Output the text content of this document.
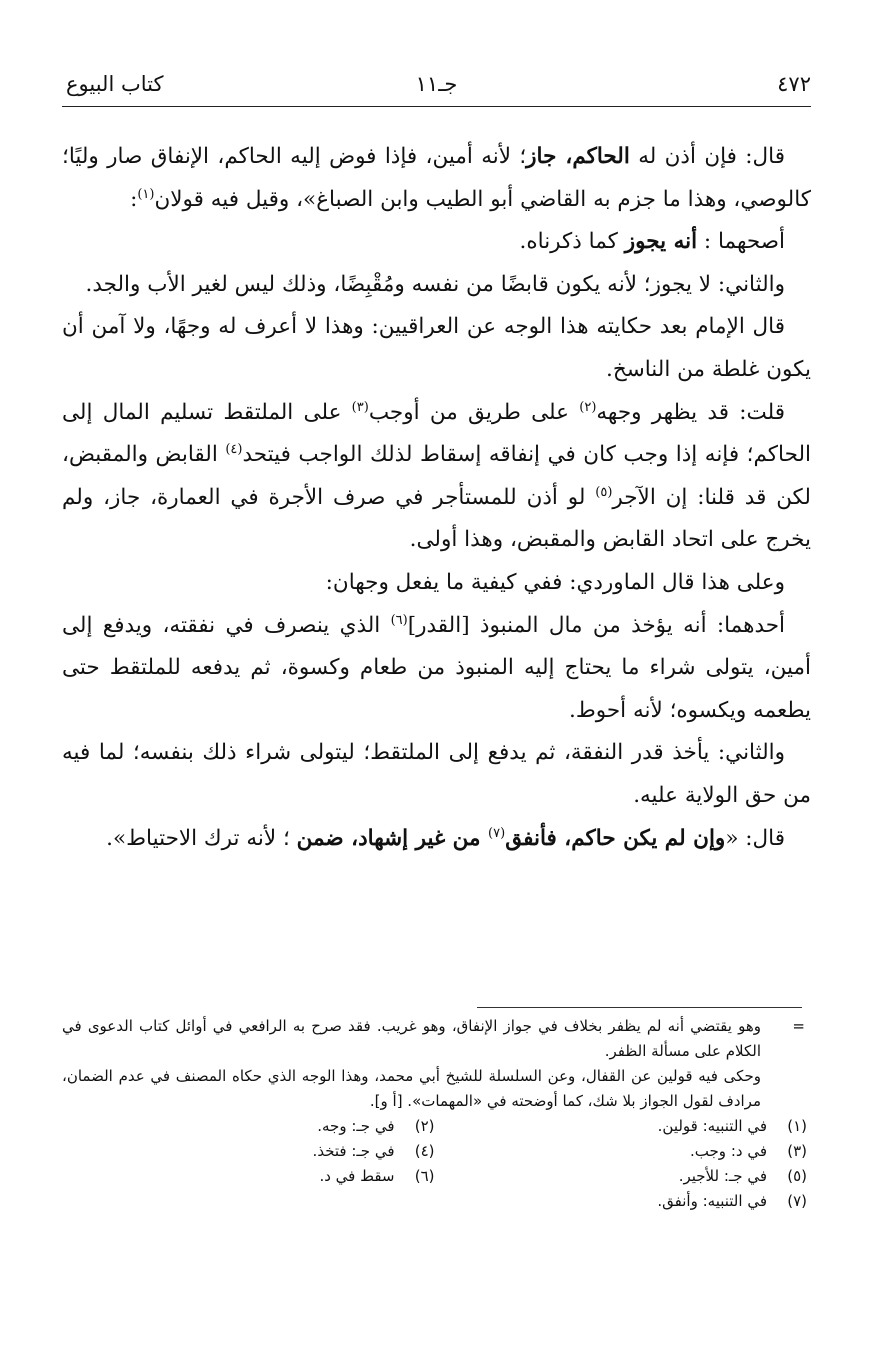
٤٧٢
جـ١١
كتاب البيوع

قال: فإن أذن له الحاكم، جاز؛ لأنه أمين، فإذا فوض إليه الحاكم، الإنفاق صار وليًا؛ كالوصي، وهذا ما جزم به القاضي أبو الطيب وابن الصباغ»، وقيل فيه قولان$^{(١)}$:

أصحهما : أنه يجوز كما ذكرناه.

والثاني: لا يجوز؛ لأنه يكون قابضًا من نفسه ومُقْبِضًا، وذلك ليس لغير الأب والجد.

قال الإمام بعد حكايته هذا الوجه عن العراقيين: وهذا لا أعرف له وجهًا، ولا آمن أن يكون غلطة من الناسخ.

قلت: قد يظهر وجهه$^{(٢)}$ على طريق من أوجب$^{(٣)}$ على الملتقط تسليم المال إلى الحاكم؛ فإنه إذا وجب كان في إنفاقه إسقاط لذلك الواجب فيتحد$^{(٤)}$ القابض والمقبض، لكن قد قلنا: إن الآجر$^{(٥)}$ لو أذن للمستأجر في صرف الأجرة في العمارة، جاز، ولم يخرج على اتحاد القابض والمقبض، وهذا أولى.

وعلى هذا قال الماوردي: ففي كيفية ما يفعل وجهان:

أحدهما: أنه يؤخذ من مال المنبوذ [القدر]$^{(٦)}$ الذي ينصرف في نفقته، ويدفع إلى أمين، يتولى شراء ما يحتاج إليه المنبوذ من طعام وكسوة، ثم يدفعه للملتقط حتى يطعمه ويكسوه؛ لأنه أحوط.

والثاني: يأخذ قدر النفقة، ثم يدفع إلى الملتقط؛ ليتولى شراء ذلك بنفسه؛ لما فيه من حق الولاية عليه.

قال: «وإن لم يكن حاكم، فأنفق$^{(٧)}$ من غير إشهاد، ضمن ؛ لأنه ترك الاحتياط».

=
وهو يقتضي أنه لم يظفر بخلاف في جواز الإنفاق، وهو غريب. فقد صرح به الرافعي في أوائل كتاب الدعوى في الكلام على مسألة الظفر.
وحكى فيه قولين عن القفال، وعن السلسلة للشيخ أبي محمد، وهذا الوجه الذي حكاه المصنف في عدم الضمان، مرادف لقول الجواز بلا شك، كما أوضحته في «المهمات». [أ و].
(١)في التنبيه: قولين.
(٢)في جـ: وجه.
(٣)في د: وجب.
(٤)في جـ: فتخذ.
(٥)في جـ: للأجير.
(٦)سقط في د.
(٧)في التنبيه: وأنفق.
